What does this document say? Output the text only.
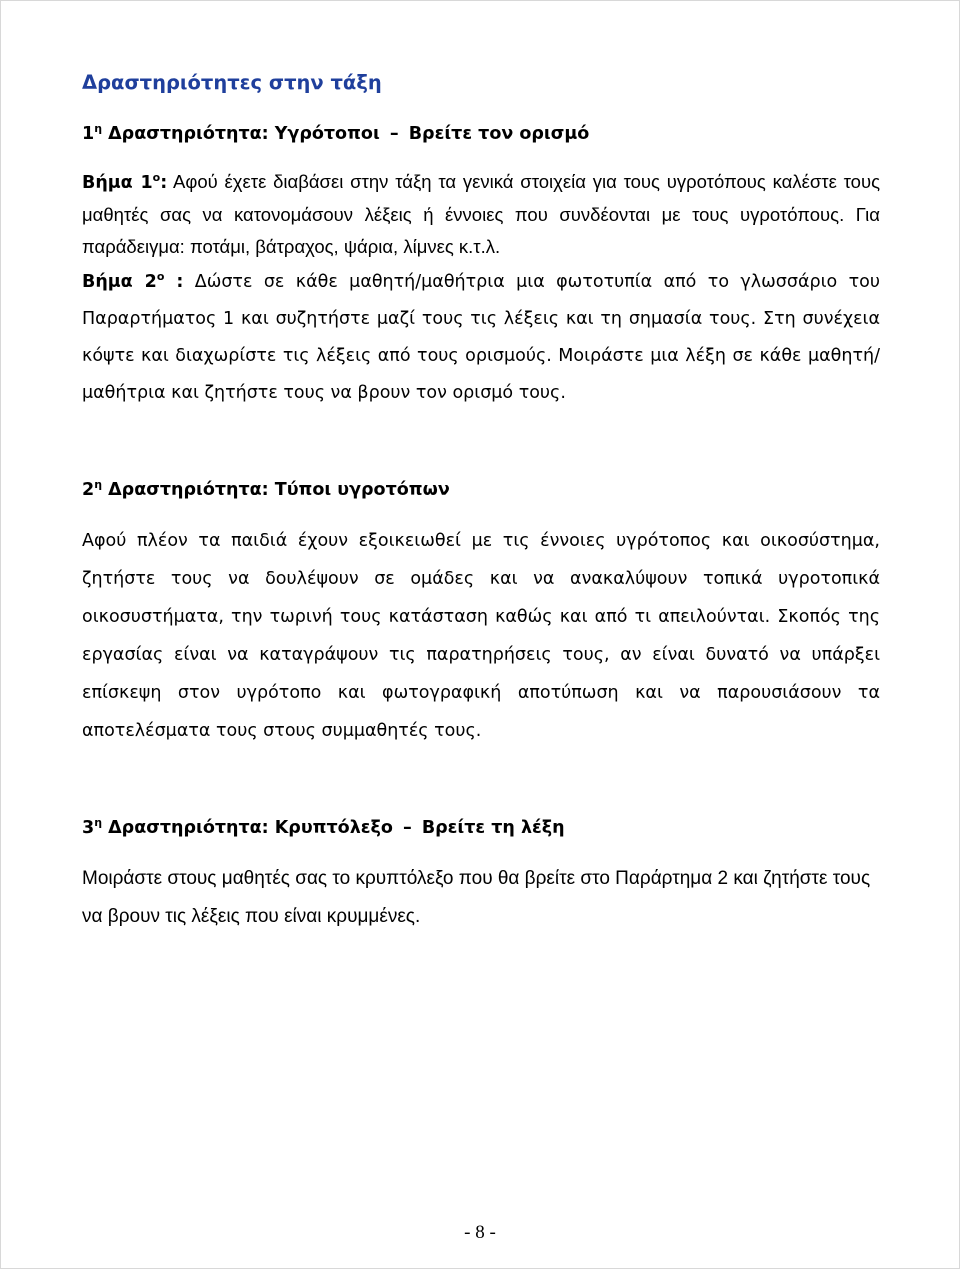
Δραστηριότητες στην τάξη
$1^\eta$ Δραστηριότητα: Υγρότοποι – Βρείτε τον ορισμό

Βήμα $1^o$: Αφού έχετε διαβάσει στην τάξη τα γενικά στοιχεία για τους υγροτόπους καλέστε τους μαθητές σας να κατονομάσουν λέξεις ή έννοιες που συνδέονται με τους υγροτόπους. Για παράδειγμα: ποτάμι, βάτραχος, ψάρια, λίμνες κ.τ.λ.

Βήμα $2^o$ : Δώστε σε κάθε μαθητή/μαθήτρια μια φωτοτυπία από το γλωσσάριο του Παραρτήματος 1 και συζητήστε μαζί τους τις λέξεις και τη σημασία τους. Στη συνέχεια κόψτε και διαχωρίστε τις λέξεις από τους ορισμούς. Μοιράστε μια λέξη σε κάθε μαθητή/μαθήτρια και ζητήστε τους να βρουν τον ορισμό τους.

$2^\eta$ Δραστηριότητα: Τύποι υγροτόπων

Αφού πλέον τα παιδιά έχουν εξοικειωθεί με τις έννοιες υγρότοπος και οικοσύστημα, ζητήστε τους να δουλέψουν σε ομάδες και να ανακαλύψουν τοπικά υγροτοπικά οικοσυστήματα, την τωρινή τους κατάσταση καθώς και από τι απειλούνται. Σκοπός της εργασίας είναι να καταγράψουν τις παρατηρήσεις τους, αν είναι δυνατό να υπάρξει επίσκεψη στον υγρότοπο και φωτογραφική αποτύπωση και να παρουσιάσουν τα αποτελέσματα τους στους συμμαθητές τους.

$3^\eta$ Δραστηριότητα: Κρυπτόλεξο – Βρείτε τη λέξη

Μοιράστε στους μαθητές σας το κρυπτόλεξο που θα βρείτε στο Παράρτημα 2 και ζητήστε τους να βρουν τις λέξεις που είναι κρυμμένες.

- 8 -
